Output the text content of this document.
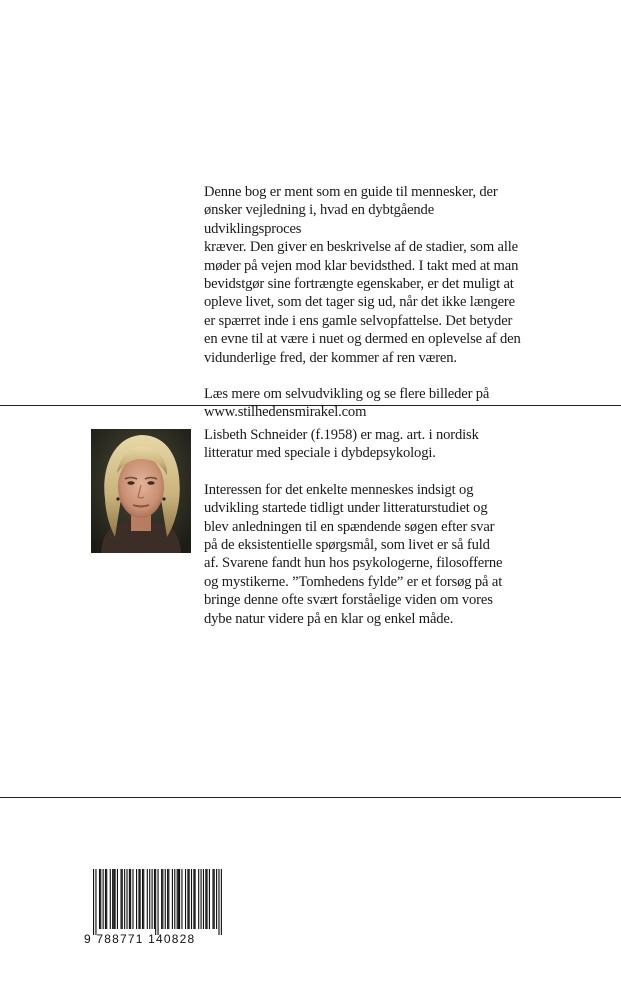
Denne bog er ment som en guide til mennesker, der
ønsker vejledning i, hvad en dybtgående udviklingsproces
kræver. Den giver en beskrivelse af de stadier, som alle
møder på vejen mod klar bevidsthed. I takt med at man
bevidstgør sine fortrængte egenskaber, er det muligt at
opleve livet, som det tager sig ud, når det ikke længere
er spærret inde i ens gamle selvopfattelse. Det betyder
en evne til at være i nuet og dermed en oplevelse af den
vidunderlige fred, der kommer af ren væren.

Læs mere om selvudvikling og se flere billeder på
www.stilhedensmirakel.com

Lisbeth Schneider (f.1958) er mag. art. i nordisk
litteratur med speciale i dybdepsykologi.

Interessen for det enkelte menneskes indsigt og
udvikling startede tidligt under litteraturstudiet og
blev anledningen til en spændende søgen efter svar
på de eksistentielle spørgsmål, som livet er så fuld
af. Svarene fandt hun hos psykologerne, filosofferne
og mystikerne. ”Tomhedens fylde” er et forsøg på at
bringe denne ofte svært forståelige viden om vores
dybe natur videre på en klar og enkel måde.

9 788771 140828
